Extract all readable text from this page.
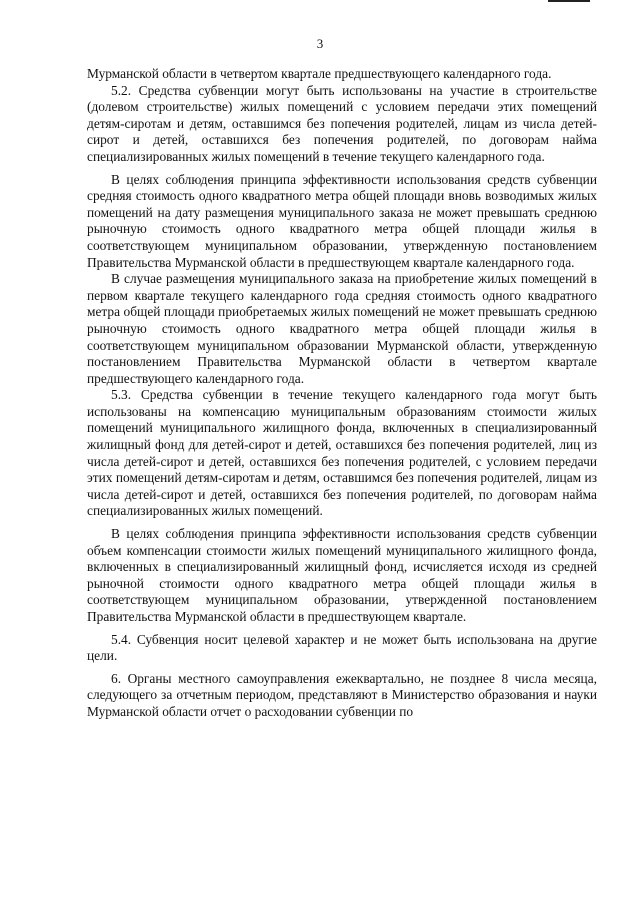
3

Мурманской области в четвертом квартале предшествующего календарного года.

5.2. Средства субвенции могут быть использованы на участие в строительстве (долевом строительстве) жилых помещений с условием передачи этих помещений детям-сиротам и детям, оставшимся без попечения родителей, лицам из числа детей-сирот и детей, оставшихся без попечения родителей, по договорам найма специализированных жилых помещений в течение текущего календарного года.

В целях соблюдения принципа эффективности использования средств субвенции средняя стоимость одного квадратного метра общей площади вновь возводимых жилых помещений на дату размещения муниципального заказа не может превышать среднюю рыночную стоимость одного квадратного метра общей площади жилья в соответствующем муниципальном образовании, утвержденную постановлением Правительства Мурманской области в предшествующем квартале календарного года.

В случае размещения муниципального заказа на приобретение жилых помещений в первом квартале текущего календарного года средняя стоимость одного квадратного метра общей площади приобретаемых жилых помещений не может превышать среднюю рыночную стоимость одного квадратного метра общей площади жилья в соответствующем муниципальном образовании Мурманской области, утвержденную постановлением Правительства Мурманской области в четвертом квартале предшествующего календарного года.

5.3. Средства субвенции в течение текущего календарного года могут быть использованы на компенсацию муниципальным образованиям стоимости жилых помещений муниципального жилищного фонда, включенных в специализированный жилищный фонд для детей-сирот и детей, оставшихся без попечения родителей, лиц из числа детей-сирот и детей, оставшихся без попечения родителей, с условием передачи этих помещений детям-сиротам и детям, оставшимся без попечения родителей, лицам из числа детей-сирот и детей, оставшихся без попечения родителей, по договорам найма специализированных жилых помещений.

В целях соблюдения принципа эффективности использования средств субвенции объем компенсации стоимости жилых помещений муниципального жилищного фонда, включенных в специализированный жилищный фонд, исчисляется исходя из средней рыночной стоимости одного квадратного метра общей площади жилья в соответствующем муниципальном образовании, утвержденной постановлением Правительства Мурманской области в предшествующем квартале.

5.4. Субвенция носит целевой характер и не может быть использована на другие цели.

6. Органы местного самоуправления ежеквартально, не позднее 8 числа месяца, следующего за отчетным периодом, представляют в Министерство образования и науки Мурманской области отчет о расходовании субвенции по
